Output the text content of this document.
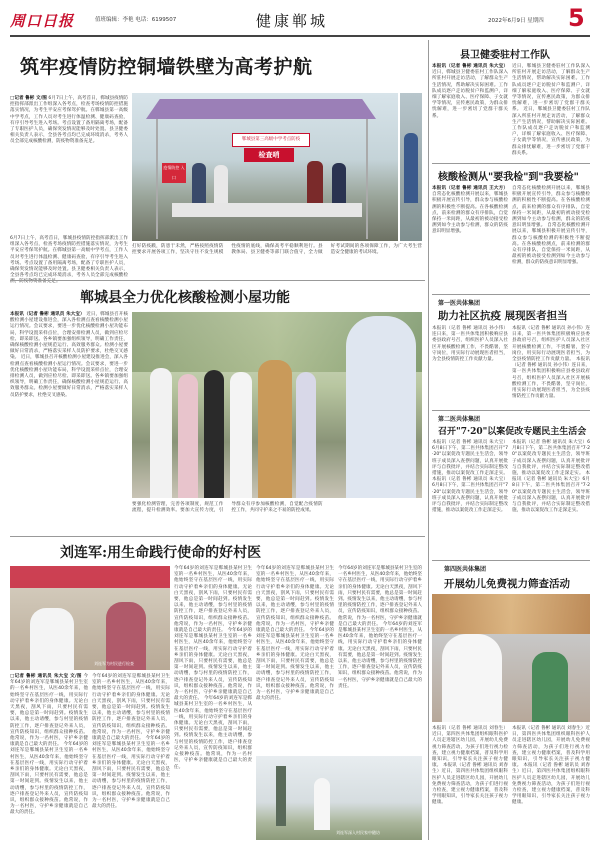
周口日报	值班编辑：李艳 电话：6199507	健康郸城	2022年6月9日 星期四 5
筑牢疫情防控铜墙铁壁为高考护航
□记者 鲁彬 文/图 6月7日上午，高考首日，郸城县疫情防控指挥部派出工作组深入各考点，检查考场疫情防控措施落实情况，为考生平安应考保驾护航。在郸城县第一高级中学考点，工作人员对考生进行体温检测、健康码查验，有序引导考生进入考场。考点设置了备用隔离考场，配备了专职医护人员，确保突发情况能够及时处置。县卫健委相关负责人表示，全县各考点均已完成环境消杀，考务人员全部完成核酸检测，防疫物资准备充足。
6月7日上午，高考首日，郸城县疫情防控指挥部派出工作组深入各考点，检查考场疫情防控措施落实情况，为考生平安应考保驾护航。在郸城县第一高级中学考点，工作人员对考生进行体温检测、健康码查验，有序引导考生进入考场。考点设置了备用隔离考场，配备了专职医护人员，确保突发情况能够及时处置。县卫健委相关负责人表示，全县各考点均已完成环境消杀，考务人员全部完成核酸检测，防疫物资准备充足。
郸城县第三高级中学考点防疫
检查哨
疫情防控 入口
打好防疫戳，防患于未然，严格按照疫情防控要求开展各项工作，坚决守住不发生规模性疫情的底线，确保高考平稳顺利进行。县教体局、县卫健委等部门联合值守，全力做好考试期间的各项保障工作，为广大考生营造安全健康的考试环境。
郸城县全力优化核酸检测小屋功能
本报讯（记者 鲁彬 通讯员 朱大宝） 近日，郸城县召开核酸检测小屋建设推进会，深入各检测点查看核酸检测小屋运行情况。会议要求，要进一步优化核酸检测小屋功能布局，科学设置采样点位，合理安排检测人员，做到应检尽检、即采即送。各乡镇要加强组织领导，明确工作责任，确保核酸检测小屋规范运行、高效服务群众。检测小屋要做好日常消杀，严格落实采样人员防护要求，杜绝交叉感染。 近日，郸城县召开核酸检测小屋建设推进会，深入各检测点查看核酸检测小屋运行情况。会议要求，要进一步优化核酸检测小屋功能布局，科学设置采样点位，合理安排检测人员，做到应检尽检、即采即送。各乡镇要加强组织领导，明确工作责任，确保核酸检测小屋规范运行、高效服务群众。检测小屋要做好日常消杀，严格落实采样人员防护要求，杜绝交叉感染。
要强化检测管理，完善各项制度，规范工作流程，提升检测效率。要加大宣传力度，引导群众有序参加核酸检测，自觉配合疫情防控工作，共同守护来之不易的防控成果。
刘连军:用生命践行使命的好村医
刘连军为村民进行检查
□记者 鲁彬 通讯员 朱大宝 文/图 今年64岁的刘连军是郸城县某村卫生室的一名乡村医生，从医40余年来，他始终坚守在基层医疗一线，用实际行动守护着乡亲们的身体健康。无论白天黑夜，刮风下雨，只要村民有需要，他总是第一时间赶到。疫情发生以来，他主动请缨，参与村里的疫情防控工作，逐户排查登记外来人员，宣传防疫知识，组织群众接种疫苗。他常说，作为一名村医，守护乡亲健康就是自己最大的责任。 今年64岁的刘连军是郸城县某村卫生室的一名乡村医生，从医40余年来，他始终坚守在基层医疗一线，用实际行动守护着乡亲们的身体健康。无论白天黑夜，刮风下雨，只要村民有需要，他总是第一时间赶到。疫情发生以来，他主动请缨，参与村里的疫情防控工作，逐户排查登记外来人员，宣传防疫知识，组织群众接种疫苗。他常说，作为一名村医，守护乡亲健康就是自己最大的责任。
今年64岁的刘连军是郸城县某村卫生室的一名乡村医生，从医40余年来，他始终坚守在基层医疗一线，用实际行动守护着乡亲们的身体健康。无论白天黑夜，刮风下雨，只要村民有需要，他总是第一时间赶到。疫情发生以来，他主动请缨，参与村里的疫情防控工作，逐户排查登记外来人员，宣传防疫知识，组织群众接种疫苗。他常说，作为一名村医，守护乡亲健康就是自己最大的责任。 今年64岁的刘连军是郸城县某村卫生室的一名乡村医生，从医40余年来，他始终坚守在基层医疗一线，用实际行动守护着乡亲们的身体健康。无论白天黑夜，刮风下雨，只要村民有需要，他总是第一时间赶到。疫情发生以来，他主动请缨，参与村里的疫情防控工作，逐户排查登记外来人员，宣传防疫知识，组织群众接种疫苗。他常说，作为一名村医，守护乡亲健康就是自己最大的责任。
今年64岁的刘连军是郸城县某村卫生室的一名乡村医生，从医40余年来，他始终坚守在基层医疗一线，用实际行动守护着乡亲们的身体健康。无论白天黑夜，刮风下雨，只要村民有需要，他总是第一时间赶到。疫情发生以来，他主动请缨，参与村里的疫情防控工作，逐户排查登记外来人员，宣传防疫知识，组织群众接种疫苗。他常说，作为一名村医，守护乡亲健康就是自己最大的责任。 今年64岁的刘连军是郸城县某村卫生室的一名乡村医生，从医40余年来，他始终坚守在基层医疗一线，用实际行动守护着乡亲们的身体健康。无论白天黑夜，刮风下雨，只要村民有需要，他总是第一时间赶到。疫情发生以来，他主动请缨，参与村里的疫情防控工作，逐户排查登记外来人员，宣传防疫知识，组织群众接种疫苗。他常说，作为一名村医，守护乡亲健康就是自己最大的责任。 今年64岁的刘连军是郸城县某村卫生室的一名乡村医生，从医40余年来，他始终坚守在基层医疗一线，用实际行动守护着乡亲们的身体健康。无论白天黑夜，刮风下雨，只要村民有需要，他总是第一时间赶到。疫情发生以来，他主动请缨，参与村里的疫情防控工作，逐户排查登记外来人员，宣传防疫知识，组织群众接种疫苗。他常说，作为一名村医，守护乡亲健康就是自己最大的责任。
今年64岁的刘连军是郸城县某村卫生室的一名乡村医生，从医40余年来，他始终坚守在基层医疗一线，用实际行动守护着乡亲们的身体健康。无论白天黑夜，刮风下雨，只要村民有需要，他总是第一时间赶到。疫情发生以来，他主动请缨，参与村里的疫情防控工作，逐户排查登记外来人员，宣传防疫知识，组织群众接种疫苗。他常说，作为一名村医，守护乡亲健康就是自己最大的责任。 今年64岁的刘连军是郸城县某村卫生室的一名乡村医生，从医40余年来，他始终坚守在基层医疗一线，用实际行动守护着乡亲们的身体健康。无论白天黑夜，刮风下雨，只要村民有需要，他总是第一时间赶到。疫情发生以来，他主动请缨，参与村里的疫情防控工作，逐户排查登记外来人员，宣传防疫知识，组织群众接种疫苗。他常说，作为一名村医，守护乡亲健康就是自己最大的责任。
今年64岁的刘连军是郸城县某村卫生室的一名乡村医生，从医40余年来，他始终坚守在基层医疗一线，用实际行动守护着乡亲们的身体健康。无论白天黑夜，刮风下雨，只要村民有需要，他总是第一时间赶到。疫情发生以来，他主动请缨，参与村里的疫情防控工作，逐户排查登记外来人员，宣传防疫知识，组织群众接种疫苗。他常说，作为一名村医，守护乡亲健康就是自己最大的责任。 今年64岁的刘连军是郸城县某村卫生室的一名乡村医生，从医40余年来，他始终坚守在基层医疗一线，用实际行动守护着乡亲们的身体健康。无论白天黑夜，刮风下雨，只要村民有需要，他总是第一时间赶到。疫情发生以来，他主动请缨，参与村里的疫情防控工作，逐户排查登记外来人员，宣传防疫知识，组织群众接种疫苗。他常说，作为一名村医，守护乡亲健康就是自己最大的责任。
刘连军深入村民家中随访
县卫健委驻村工作队
本报讯（记者 鲁彬 通讯员 朱大宝） 近日，郸城县卫健委驻村工作队深入所驻村开展走访活动，了解群众生产生活情况，帮助解决实际困难。工作队成员逐户走访脱贫户和监测户，详细了解家庭收入、医疗保障、子女就学等情况，宣传惠民政策，为群众排忧解难，进一步密切了党群干群关系。
近日，郸城县卫健委驻村工作队深入所驻村开展走访活动，了解群众生产生活情况，帮助解决实际困难。工作队成员逐户走访脱贫户和监测户，详细了解家庭收入、医疗保障、子女就学等情况，宣传惠民政策，为群众排忧解难，进一步密切了党群干群关系。 近日，郸城县卫健委驻村工作队深入所驻村开展走访活动，了解群众生产生活情况，帮助解决实际困难。工作队成员逐户走访脱贫户和监测户，详细了解家庭收入、医疗保障、子女就学等情况，宣传惠民政策，为群众排忧解难，进一步密切了党群干群关系。
核酸检测从"要我检"到"我要检"
本报讯（记者 鲁彬 通讯员 王大方） 自常态化核酸检测开展以来，郸城县积极开展宣传引导，群众参与核酸检测的积极性不断提高。在各核酸检测点，前来检测的群众有序排队，自觉保持一米间距，从最初的被动接受检测到如今主动参与检测，群众的防疫意识明显增强。
自常态化核酸检测开展以来，郸城县积极开展宣传引导，群众参与核酸检测的积极性不断提高。在各核酸检测点，前来检测的群众有序排队，自觉保持一米间距，从最初的被动接受检测到如今主动参与检测，群众的防疫意识明显增强。 自常态化核酸检测开展以来，郸城县积极开展宣传引导，群众参与核酸检测的积极性不断提高。在各核酸检测点，前来检测的群众有序排队，自觉保持一米间距，从最初的被动接受检测到如今主动参与检测，群众的防疫意识明显增强。
第一医共体集团
助力社区抗疫 展现医者担当
本报讯（记者 鲁彬 通讯员 孙小伟）连日来，第一医共体集团积极响应县委县政府号召，组织医护人员深入社区开展核酸检测工作，不畏酷暑，坚守岗位，用实际行动展现医者担当，为全县疫情防控工作贡献力量。
本报讯（记者 鲁彬 通讯员 孙小伟）连日来，第一医共体集团积极响应县委县政府号召，组织医护人员深入社区开展核酸检测工作，不畏酷暑，坚守岗位，用实际行动展现医者担当，为全县疫情防控工作贡献力量。 本报讯（记者 鲁彬 通讯员 孙小伟）连日来，第一医共体集团积极响应县委县政府号召，组织医护人员深入社区开展核酸检测工作，不畏酷暑，坚守岗位，用实际行动展现医者担当，为全县疫情防控工作贡献力量。
第二医共体集团
召开"7·20"以案促改专题民主生活会
本报讯（记者 鲁彬 通讯员 朱大宝）6月8日下午，第二医共体集团召开"7·20"以案促改专题民主生活会，领导班子成员深入查摆问题，认真开展批评与自我批评，并结合实际制定整改措施，推动以案促改工作走深走实。 本报讯（记者 鲁彬 通讯员 朱大宝）6月8日下午，第二医共体集团召开"7·20"以案促改专题民主生活会，领导班子成员深入查摆问题，认真开展批评与自我批评，并结合实际制定整改措施，推动以案促改工作走深走实。
本报讯（记者 鲁彬 通讯员 朱大宝）6月8日下午，第二医共体集团召开"7·20"以案促改专题民主生活会，领导班子成员深入查摆问题，认真开展批评与自我批评，并结合实际制定整改措施，推动以案促改工作走深走实。 本报讯（记者 鲁彬 通讯员 朱大宝）6月8日下午，第二医共体集团召开"7·20"以案促改专题民主生活会，领导班子成员深入查摆问题，认真开展批评与自我批评，并结合实际制定整改措施，推动以案促改工作走深走实。
第四医共体集团
开展幼儿免费视力筛查活动
本报讯（记者 鲁彬 通讯员 刘春生）近日，第四医共体集团组织眼科医护人员走进辖区幼儿园，开展幼儿免费视力筛查活动，为孩子们进行视力检查，建立视力健康档案，普及科学用眼知识，引导家长关注孩子视力健康。 本报讯（记者 鲁彬 通讯员 刘春生）近日，第四医共体集团组织眼科医护人员走进辖区幼儿园，开展幼儿免费视力筛查活动，为孩子们进行视力检查，建立视力健康档案，普及科学用眼知识，引导家长关注孩子视力健康。
本报讯（记者 鲁彬 通讯员 刘春生）近日，第四医共体集团组织眼科医护人员走进辖区幼儿园，开展幼儿免费视力筛查活动，为孩子们进行视力检查，建立视力健康档案，普及科学用眼知识，引导家长关注孩子视力健康。 本报讯（记者 鲁彬 通讯员 刘春生）近日，第四医共体集团组织眼科医护人员走进辖区幼儿园，开展幼儿免费视力筛查活动，为孩子们进行视力检查，建立视力健康档案，普及科学用眼知识，引导家长关注孩子视力健康。
